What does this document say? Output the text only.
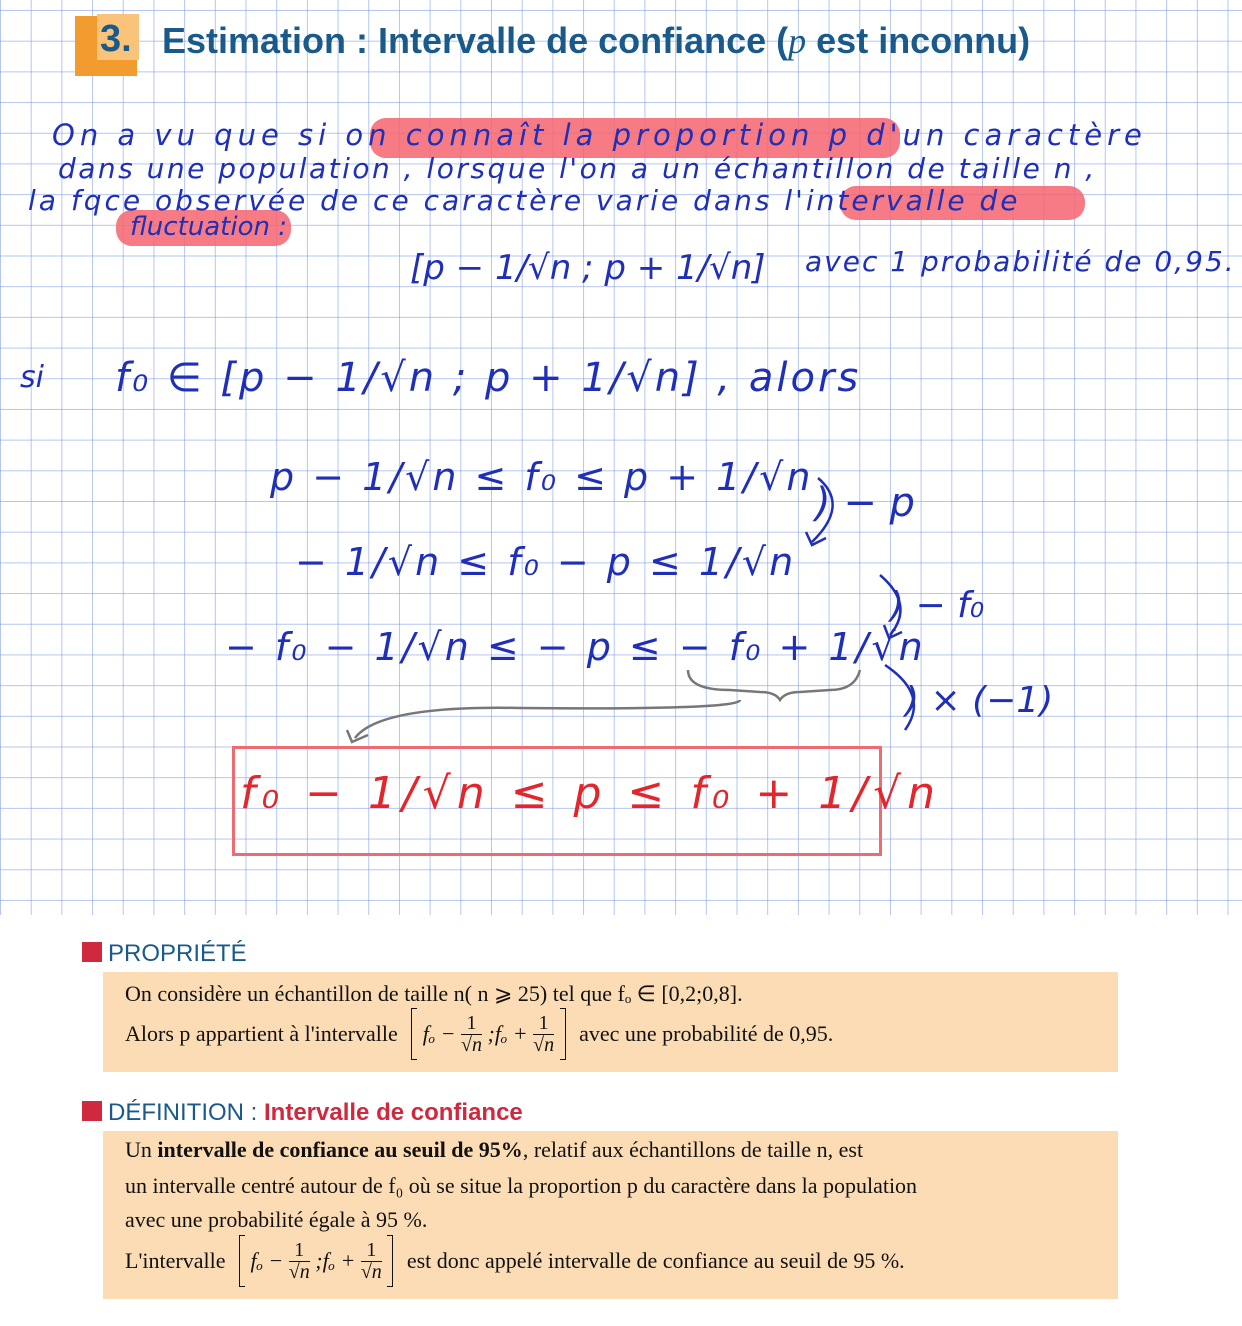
3. Estimation : Intervalle de confiance (p est inconnu)
On a vu que si on connaît la proportion p d'un caractère
dans une population , lorsque l'on a un échantillon de taille n ,
la fqce observée de ce caractère varie dans l'intervalle de
fluctuation :
[p − 1/√n ; p + 1/√n] avec 1 probabilité de 0,95.
si f₀ ∈ [p − 1/√n ; p + 1/√n] , alors
p − 1/√n ≤ f₀ ≤ p + 1/√n
− 1/√n ≤ f₀ − p ≤ 1/√n
− f₀ − 1/√n ≤ − p ≤ − f₀ + 1/√n
) − p
) − f₀
) × (−1)
f₀ − 1/√n ≤ p ≤ f₀ + 1/√n
PROPRIÉTÉ
On considère un échantillon de taille n( n ⩾ 25) tel que fₒ ∈ [0,2;0,8].
Alors p appartient à l'intervalle $f_o - \frac{1}{√n}$ ;fₒ + $\frac{1}{√n}$ avec une probabilité de 0,95.
DÉFINITION : Intervalle de confiance
Un intervalle de confiance au seuil de 95%, relatif aux échantillons de taille n, est
un intervalle centré autour de f₀ où se situe la proportion p du caractère dans la population
avec une probabilité égale à 95 %.
L'intervalle $f_o - \frac{1}{√n}$ ;fₒ + $\frac{1}{√n}$ est donc appelé intervalle de confiance au seuil de 95 %.
